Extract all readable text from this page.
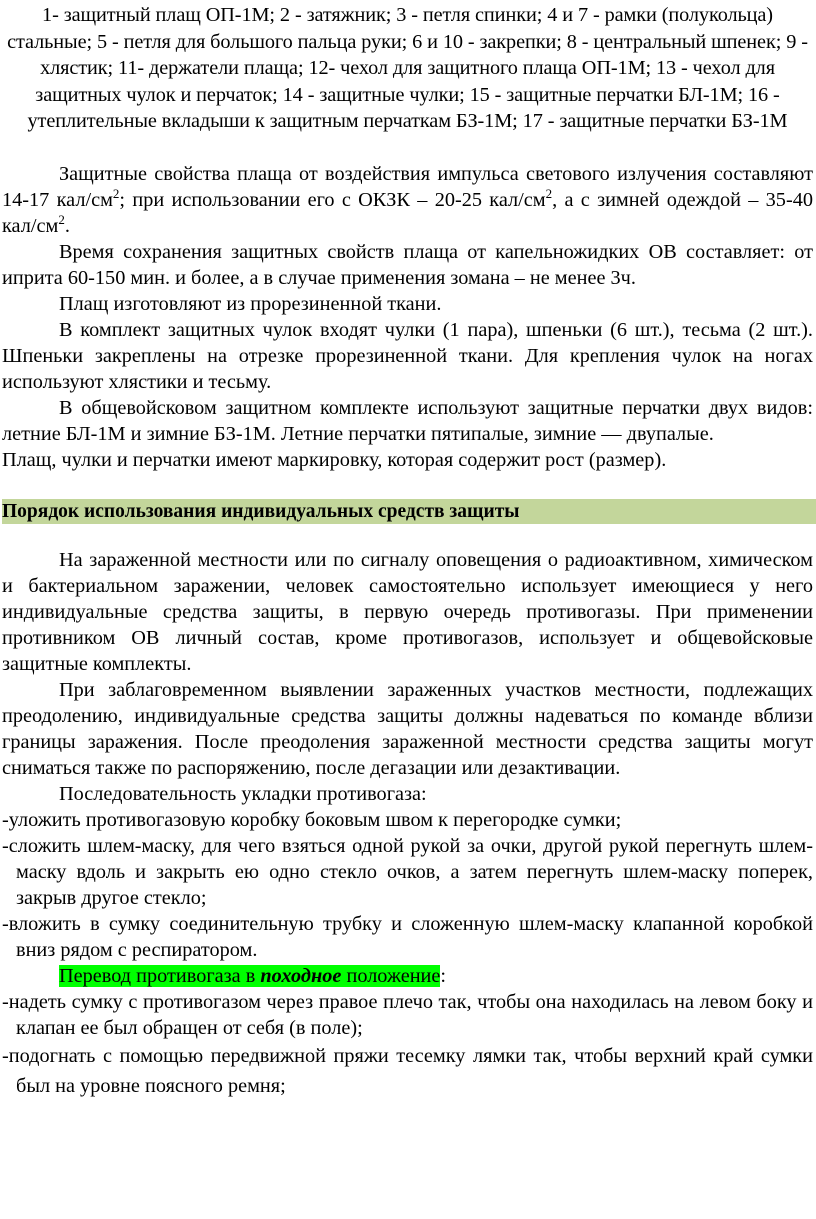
1- защитный плащ ОП-1М; 2 - затяжник; 3 - петля спинки; 4 и 7 - рамки (полукольца) стальные; 5 - петля для большого пальца руки; 6 и 10 - закрепки; 8 - центральный шпенек; 9 - хлястик; 11- держатели плаща; 12- чехол для защитного плаща ОП-1М; 13 - чехол для защитных чулок и перчаток; 14 - защитные чулки; 15 - защитные перчатки БЛ-1М; 16 - утеплительные вкладыши к защитным перчаткам БЗ-1М; 17 - защитные перчатки БЗ-1М

Защитные свойства плаща от воздействия импульса светового излучения составляют 14-17 кал/$см^2$; при использовании его с ОКЗК – 20-25 кал/$см^2$, а с зимней одеждой – 35-40 кал/$см^2$.

Время сохранения защитных свойств плаща от капельножидких ОВ составляет: от иприта 60-150 мин. и более, а в случае применения зомана – не менее 3ч.

Плащ изготовляют из прорезиненной ткани.

В комплект защитных чулок входят чулки (1 пара), шпеньки (6 шт.), тесьма (2 шт.). Шпеньки закреплены на отрезке прорезиненной ткани. Для крепления чулок на ногах используют хлястики и тесьму.

В общевойсковом защитном комплекте используют защитные перчатки двух видов: летние БЛ-1М и зимние БЗ-1М. Летние перчатки пятипалые, зимние — двупалые.

Плащ, чулки и перчатки имеют маркировку, которая содержит рост (размер).

Порядок использования индивидуальных средств защиты

На зараженной местности или по сигналу оповещения о радиоактивном, химическом и бактериальном заражении, человек самостоятельно использует имеющиеся у него индивидуальные средства защиты, в первую очередь противогазы. При применении противником ОВ личный состав, кроме противогазов, использует и общевойсковые защитные комплекты.

При заблаговременном выявлении зараженных участков местности, подлежащих преодолению, индивидуальные средства защиты должны надеваться по команде вблизи границы заражения. После преодоления зараженной местности средства защиты могут сниматься также по распоряжению, после дегазации или дезактивации.

Последовательность укладки противогаза:

-уложить противогазовую коробку боковым швом к перегородке сумки;

-сложить шлем-маску, для чего взяться одной рукой за очки, другой рукой перегнуть шлем-маску вдоль и закрыть ею одно стекло очков, а затем перегнуть шлем-маску поперек, закрыв другое стекло;

-вложить в сумку соединительную трубку и сложенную шлем-маску клапанной коробкой вниз рядом с респиратором.

Перевод противогаза в походное положение:

-надеть сумку с противогазом через правое плечо так, чтобы она находилась на левом боку и клапан ее был обращен от себя (в поле);

-подогнать с помощью передвижной пряжи тесемку лямки так, чтобы верхний край сумки был на уровне поясного ремня;
